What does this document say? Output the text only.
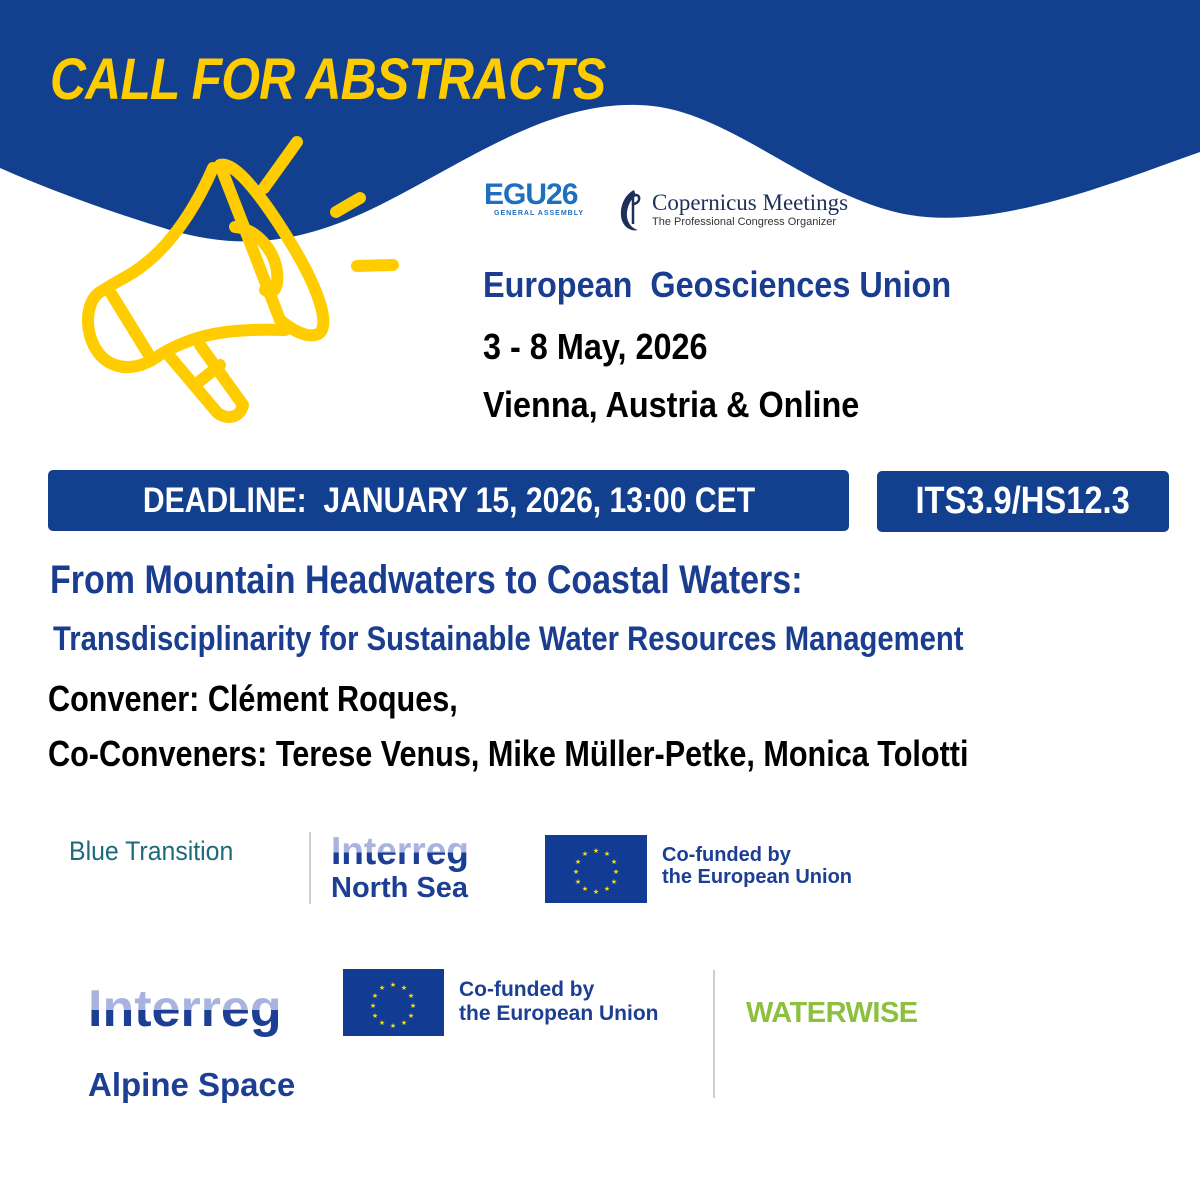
CALL FOR ABSTRACTS
EGU26
GENERAL ASSEMBLY	Copernicus Meetings
The Professional Congress Organizer
European  Geosciences Union
3 - 8 May, 2026
Vienna, Austria & Online
DEADLINE:  JANUARY 15, 2026, 13:00 CET	ITS3.9/HS12.3
From Mountain Headwaters to Coastal Waters:
Transdisciplinarity for Sustainable Water Resources Management
Convener: Clément Roques,
Co-Conveners: Terese Venus, Mike Müller-Petke, Monica Tolotti
Blue Transition	Interreg
North Sea
★ ★
★
★
★
★
★
★
★
★
★
★	Co-funded by
the European Union
Interreg
Alpine Space
★ ★
★
★
★
★
★
★
★
★
★
★	Co-funded by
the European Union	WATERWISE
